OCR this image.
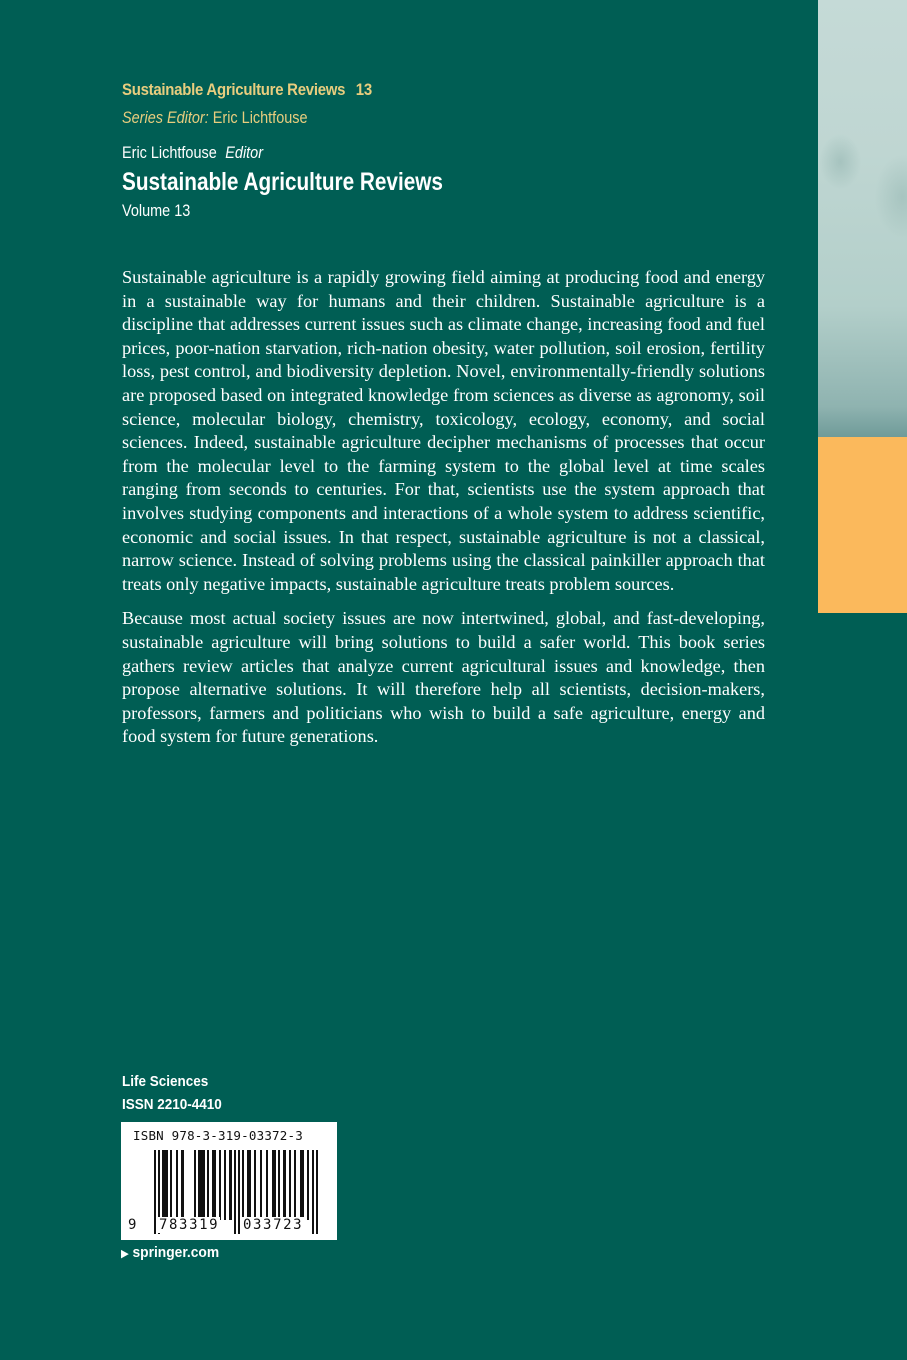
Sustainable Agriculture Reviews 13
Series Editor: Eric Lichtfouse
Eric Lichtfouse Editor
Sustainable Agriculture Reviews
Volume 13

Sustainable agriculture is a rapidly growing field aiming at producing food and energy in a sustainable way for humans and their children. Sustainable agriculture is a discipline that addresses current issues such as climate change, increasing food and fuel prices, poor-nation starvation, rich-nation obesity, water pollution, soil erosion, fertility loss, pest control, and biodiversity depletion. Novel, environmentally-friendly solutions are proposed based on integrated knowledge from sciences as diverse as agronomy, soil science, molecular biology, chemistry, toxicology, ecology, economy, and social sciences. Indeed, sustainable agriculture decipher mechanisms of processes that occur from the molecular level to the farming system to the global level at time scales ranging from seconds to centuries. For that, scientists use the system approach that involves studying components and interactions of a whole system to address scientific, economic and social issues. In that respect, sustainable agriculture is not a classical, narrow science. Instead of solving problems using the classical painkiller approach that treats only negative impacts, sustainable agriculture treats problem sources.

Because most actual society issues are now intertwined, global, and fast-developing, sustainable agriculture will bring solutions to build a safer world. This book series gathers review articles that analyze current agricultural issues and knowledge, then propose alternative solutions. It will therefore help all scientists, decision-makers, professors, farmers and politicians who wish to build a safe agriculture, energy and food system for future generations.

Life Sciences
ISSN 2210-4410
ISBN 978-3-319-03372-3
9 783319 033723
▶ springer.com
